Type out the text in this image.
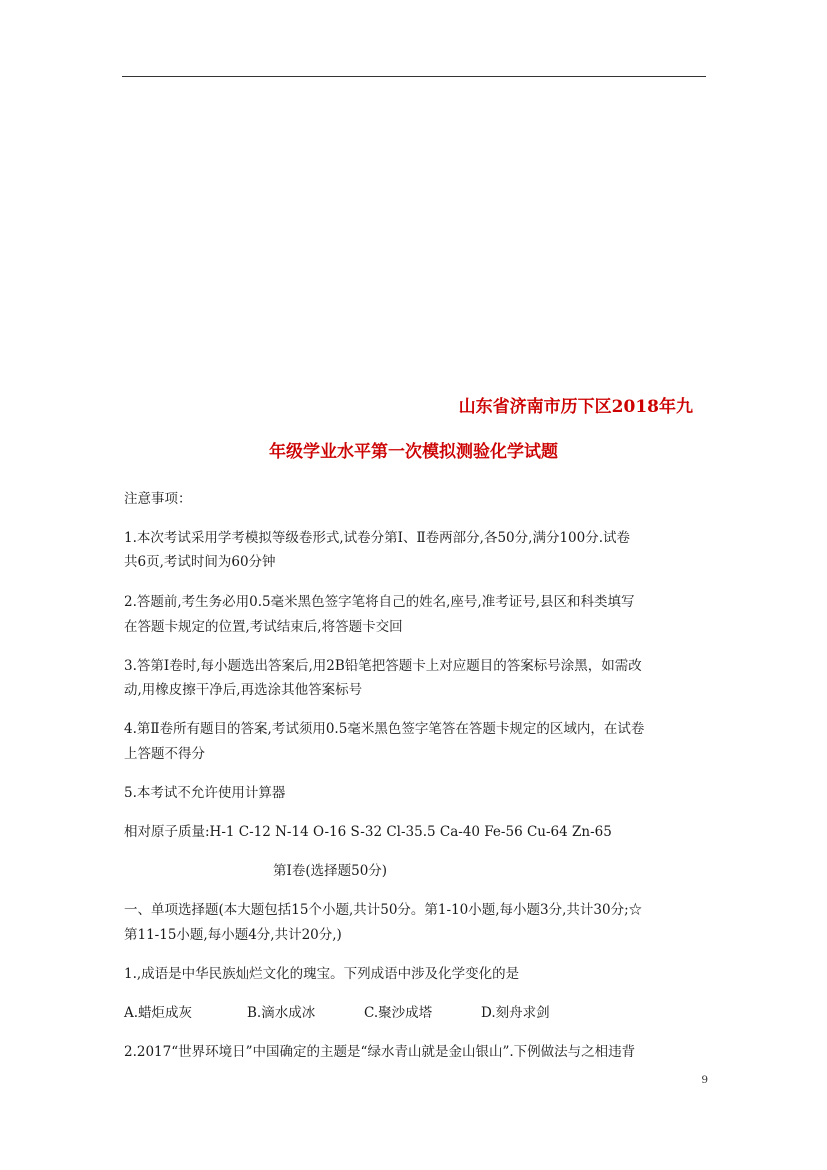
山东省济南市历下区2018年九
年级学业水平第一次模拟测验化学试题
注意事项：
1.本次考试采用学考模拟等级卷形式,试卷分第Ⅰ、Ⅱ卷两部分,各50分,满分100分.试卷
共6页,考试时间为60分钟
2.答题前,考生务必用0.5毫米黑色签字笔将自己的姓名,座号,准考证号,县区和科类填写
在答题卡规定的位置,考试结束后,将答题卡交回
3.答第Ⅰ卷时,每小题选出答案后,用2B铅笔把答题卡上对应题目的答案标号涂黑，如需改
动,用橡皮擦干净后,再选涂其他答案标号
4.第Ⅱ卷所有题目的答案,考试须用0.5毫米黑色签字笔答在答题卡规定的区域内，在试卷
上答题不得分
5.本考试不允许使用计算器
相对原子质量:H-1 C-12 N-14 O-16 S-32 Cl-35.5 Ca-40 Fe-56 Cu-64 Zn-65
第Ⅰ卷(选择题50分)
一、单项选择题(本大题包括15个小题,共计50分。第1-10小题,每小题3分,共计30分;☆
第11-15小题,每小题4分,共计20分,)
1.,成语是中华民族灿烂文化的瑰宝。下列成语中涉及化学变化的是
A.蜡炬成灰	B.滴水成冰	C.聚沙成塔	D.刻舟求剑
2.2017“世界环境日”中国确定的主题是“绿水青山就是金山银山”.下例做法与之相违背
9
